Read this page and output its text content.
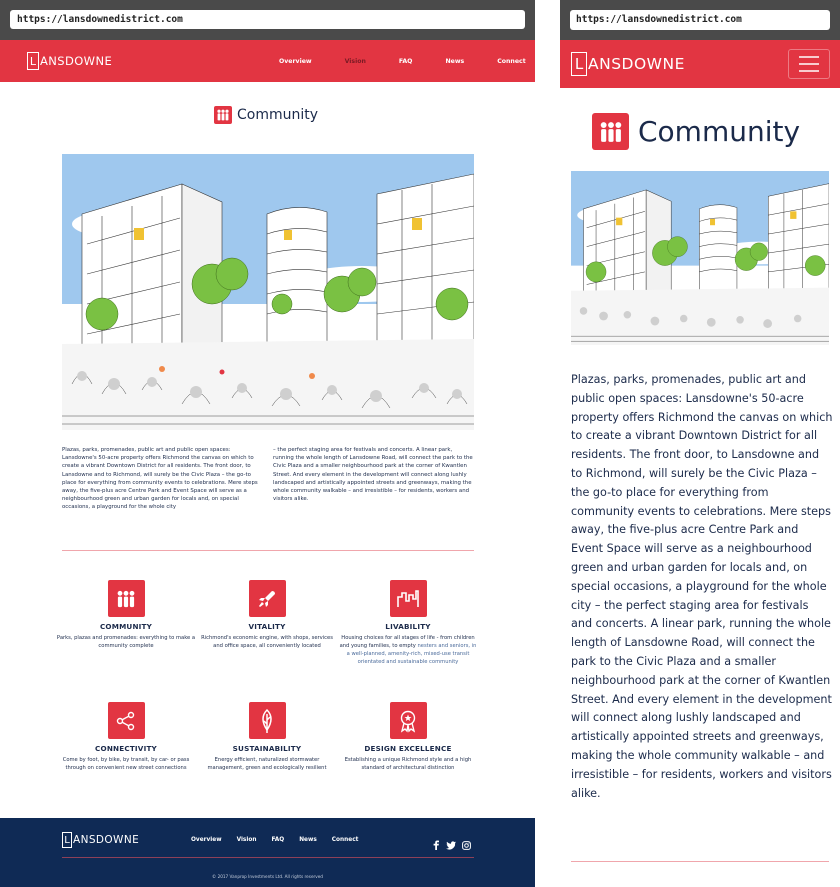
https://lansdownedistrict.com
L ANSDOWNE	Overview	Vision	FAQ	News	Connect
Community

Plazas, parks, promenades, public art and public open spaces: Lansdowne's 50-acre property offers Richmond the canvas on which to create a vibrant Downtown District for all residents. The front door, to Lansdowne and to Richmond, will surely be the Civic Plaza – the go-to place for everything from community events to celebrations. Mere steps away, the five-plus acre Centre Park and Event Space will serve as a neighbourhood green and urban garden for locals and, on special occasions, a playground for the whole city

– the perfect staging area for festivals and concerts. A linear park, running the whole length of Lansdowne Road, will connect the park to the Civic Plaza and a smaller neighbourhood park at the corner of Kwantlen Street. And every element in the development will connect along lushly landscaped and artistically appointed streets and greenways, making the whole community walkable – and irresistible – for residents, workers and visitors alike.

COMMUNITY
Parks, plazas and promenades: everything to make a community complete
VITALITY
Richmond's economic engine, with shops, services and office space, all conveniently located
LIVABILITY
Housing choices for all stages of life - from children and young families, to empty nesters and seniors, in a well-planned, amenity-rich, mixed-use transit orientated and sustainable community
CONNECTIVITY
Come by foot, by bike, by transit, by car- or pass through on convenient new street connections
SUSTAINABILITY
Energy efficient, naturalized stormwater management, green and ecologically resilient
DESIGN EXCELLENCE
Establishing a unique Richmond style and a high standard of architectural distinction
L ANSDOWNE	Overview	Vision	FAQ	News	Connect
© 2017 Vanprop Investments Ltd. All rights reserved
https://lansdownedistrict.com
L ANSDOWNE
Community

Plazas, parks, promenades, public art and public open spaces: Lansdowne's 50-acre property offers Richmond the canvas on which to create a vibrant Downtown District for all residents. The front door, to Lansdowne and to Richmond, will surely be the Civic Plaza – the go-to place for everything from community events to celebrations. Mere steps away, the five-plus acre Centre Park and Event Space will serve as a neighbourhood green and urban garden for locals and, on special occasions, a playground for the whole city – the perfect staging area for festivals and concerts. A linear park, running the whole length of Lansdowne Road, will connect the park to the Civic Plaza and a smaller neighbourhood park at the corner of Kwantlen Street. And every element in the development will connect along lushly landscaped and artistically appointed streets and greenways, making the whole community walkable – and irresistible – for residents, workers and visitors alike.
